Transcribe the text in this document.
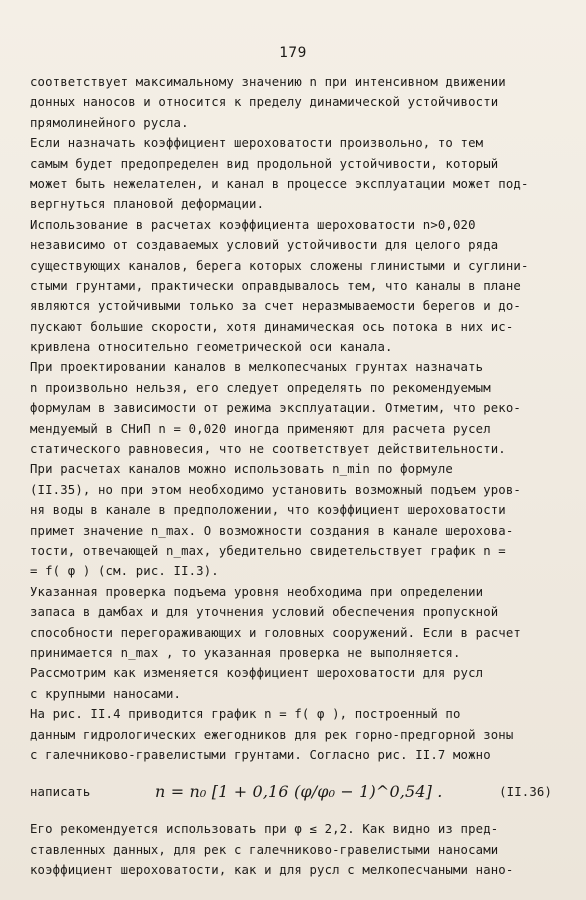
179
соответствует максимальному значению n при интенсивном движении
донных наносов и относится к пределу динамической устойчивости
прямолинейного русла.
Если назначать коэффициент шероховатости произвольно, то тем
самым будет предопределен вид продольной устойчивости, который
может быть нежелателен, и канал в процессе эксплуатации может под-
вергнуться плановой деформации.
Использование в расчетах коэффициента шероховатости n>0,020
независимо от создаваемых условий устойчивости для целого ряда
существующих каналов, берега которых сложены глинистыми и суглини-
стыми грунтами, практически оправдывалось тем, что каналы в плане
являются устойчивыми только за счет неразмываемости берегов и до-
пускают большие скорости, хотя динамическая ось потока в них ис-
кривлена относительно геометрической оси канала.
При проектировании каналов в мелкопесчаных грунтах назначать
n произвольно нельзя, его следует определять по рекомендуемым
формулам в зависимости от режима эксплуатации. Отметим, что реко-
мендуемый в СНиП n = 0,020 иногда применяют для расчета русел
статического равновесия, что не соответствует действительности.
При расчетах каналов можно использовать n_min по формуле
(II.35), но при этом необходимо установить возможный подъем уров-
ня воды в канале в предположении, что коэффициент шероховатости
примет значение n_max. О возможности создания в канале шерохова-
тости, отвечающей n_max, убедительно свидетельствует график n =
= f( φ ) (см. рис. II.3).
Указанная проверка подъема уровня необходима при определении
запаса в дамбах и для уточнения условий обеспечения пропускной
способности перегораживающих и головных сооружений. Если в расчет
принимается n_max , то указанная проверка не выполняется.
Рассмотрим как изменяется коэффициент шероховатости для русл
с крупными наносами.
На рис. II.4 приводится график n = f( φ ), построенный по
данным гидрологических ежегодников для рек горно-предгорной зоны
с галечниково-гравелистыми грунтами. Согласно рис. II.7 можно
написать	n = n₀ [1 + 0,16 (φ/φ₀ − 1)^0,54] .	(II.36)
Его рекомендуется использовать при φ ≤ 2,2. Как видно из пред-
ставленных данных, для рек с галечниково-гравелистыми наносами
коэффициент шероховатости, как и для русл с мелкопесчаными нано-
